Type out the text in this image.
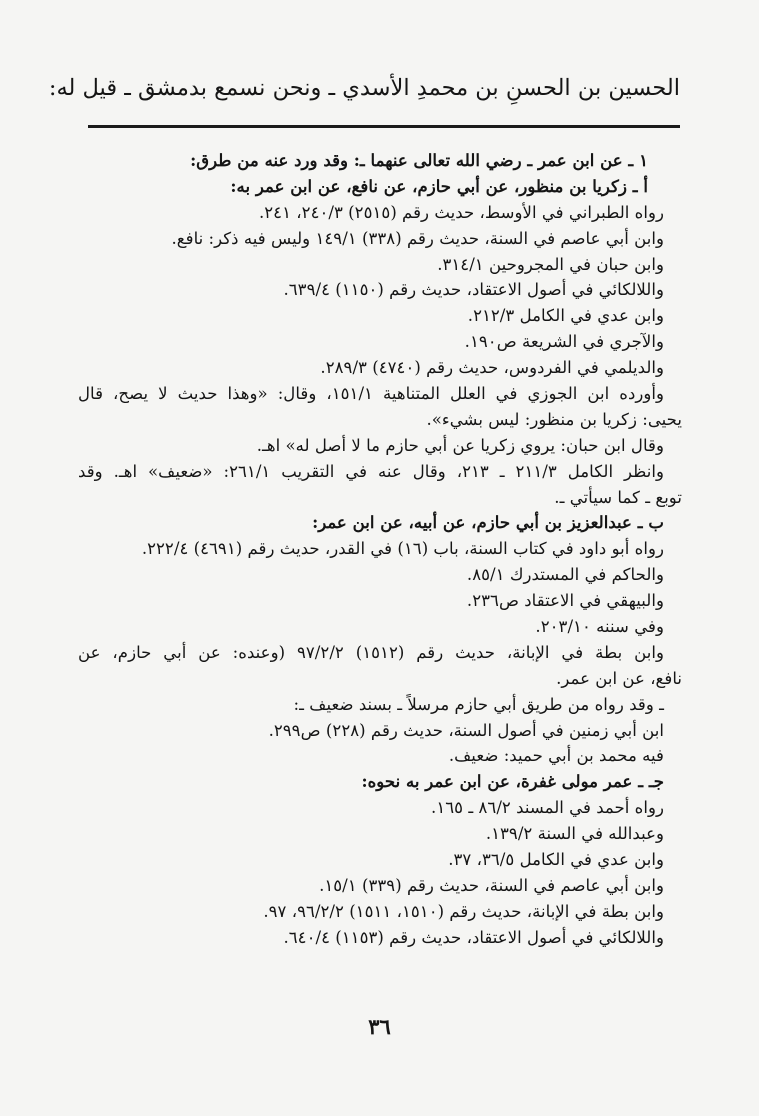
الحسين بن الحسنِ بن محمدِ الأسدي ـ ونحن نسمع بدمشق ـ قيل له:

١ ـ عن ابن عمر ـ رضي الله تعالى عنهما ـ: وقد ورد عنه من طرق:

أ ـ زكريا بن منظور، عن أبي حازم، عن نافع، عن ابن عمر به:

رواه الطبراني في الأوسط، حديث رقم (٢٥١٥) ٢٤٠/٣، ٢٤١.

وابن أبي عاصم في السنة، حديث رقم (٣٣٨) ١٤٩/١ وليس فيه ذكر: نافع.

وابن حبان في المجروحين ٣١٤/١.

واللالكائي في أصول الاعتقاد، حديث رقم (١١٥٠) ٦٣٩/٤.

وابن عدي في الكامل ٢١٢/٣.

والآجري في الشريعة ص١٩٠.

والديلمي في الفردوس، حديث رقم (٤٧٤٠) ٢٨٩/٣.

وأورده ابن الجوزي في العلل المتناهية ١٥١/١، وقال: «وهذا حديث لا يصح، قال

يحيى: زكريا بن منظور: ليس بشيء».

وقال ابن حبان: يروي زكريا عن أبي حازم ما لا أصل له» اهـ.

وانظر الكامل ٢١١/٣ ـ ٢١٣، وقال عنه في التقريب ٢٦١/١: «ضعيف» اهـ. وقد

توبع ـ كما سيأتي ـ.

ب ـ عبدالعزيز بن أبي حازم، عن أبيه، عن ابن عمر:

رواه أبو داود في كتاب السنة، باب (١٦) في القدر، حديث رقم (٤٦٩١) ٢٢٢/٤.

والحاكم في المستدرك ٨٥/١.

والبيهقي في الاعتقاد ص٢٣٦.

وفي سننه ٢٠٣/١٠.

وابن بطة في الإبانة، حديث رقم (١٥١٢) ٩٧/٢/٢ (وعنده: عن أبي حازم، عن

نافع، عن ابن عمر.

ـ وقد رواه من طريق أبي حازم مرسلاً ـ بسند ضعيف ـ:

ابن أبي زمنين في أصول السنة، حديث رقم (٢٢٨) ص٢٩٩.

فيه محمد بن أبي حميد: ضعيف.

جـ ـ عمر مولى غفرة، عن ابن عمر به نحوه:

رواه أحمد في المسند ٨٦/٢ ـ ١٦٥.

وعبدالله في السنة ١٣٩/٢.

وابن عدي في الكامل ٣٦/٥، ٣٧.

وابن أبي عاصم في السنة، حديث رقم (٣٣٩) ١٥/١.

وابن بطة في الإبانة، حديث رقم (١٥١٠، ١٥١١) ٩٦/٢/٢، ٩٧.

واللالكائي في أصول الاعتقاد، حديث رقم (١١٥٣) ٦٤٠/٤.

٣٦
